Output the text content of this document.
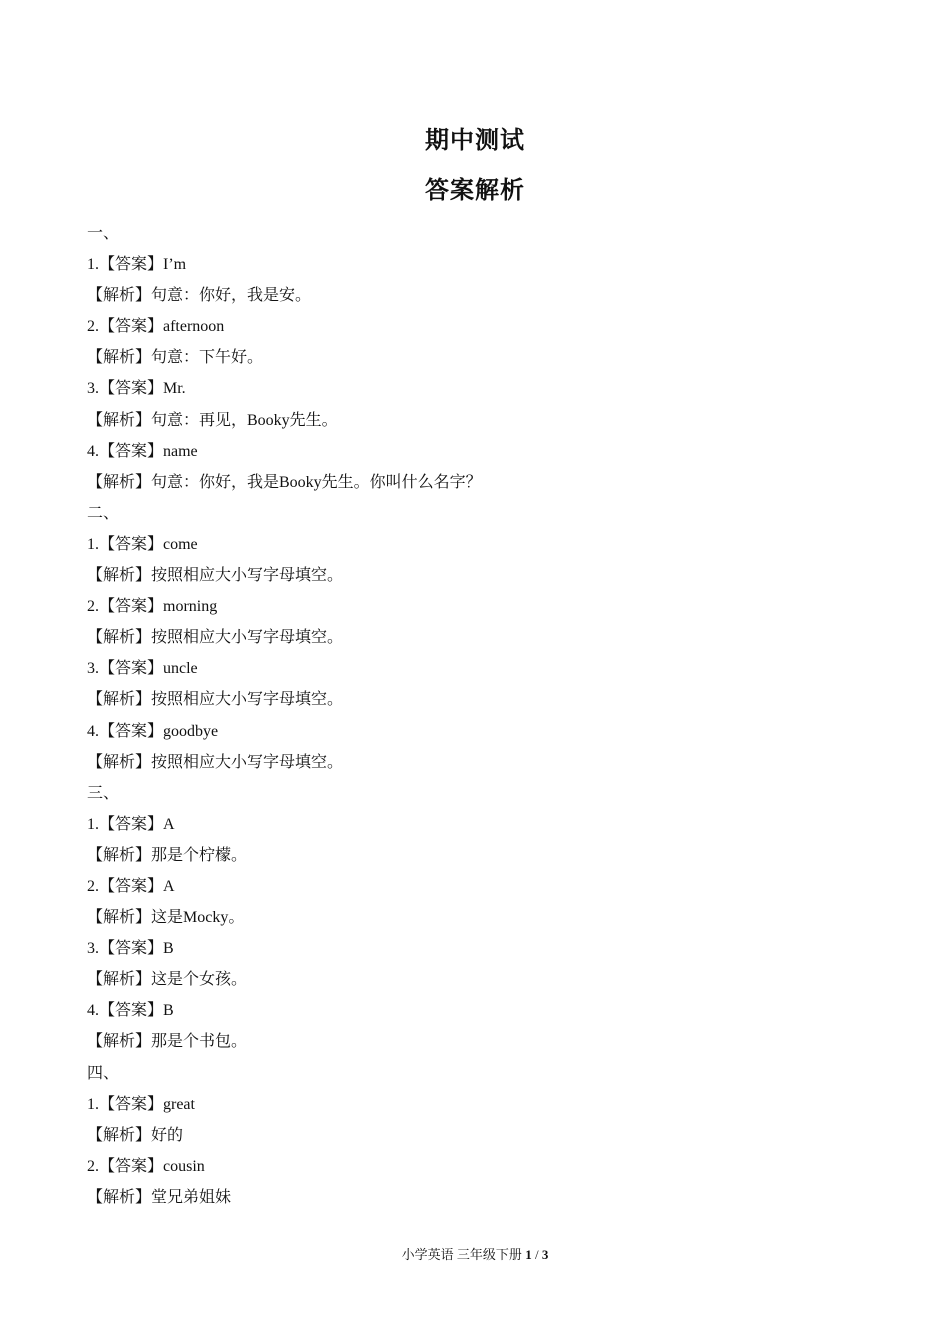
期中测试
答案解析
一、
1.【答案】I’m
【解析】句意：你好，我是安。
2.【答案】afternoon
【解析】句意：下午好。
3.【答案】Mr.
【解析】句意：再见，Booky先生。
4.【答案】name
【解析】句意：你好，我是Booky先生。你叫什么名字？
二、
1.【答案】come
【解析】按照相应大小写字母填空。
2.【答案】morning
【解析】按照相应大小写字母填空。
3.【答案】uncle
【解析】按照相应大小写字母填空。
4.【答案】goodbye
【解析】按照相应大小写字母填空。
三、
1.【答案】A
【解析】那是个柠檬。
2.【答案】A
【解析】这是Mocky。
3.【答案】B
【解析】这是个女孩。
4.【答案】B
【解析】那是个书包。
四、
1.【答案】great
【解析】好的
2.【答案】cousin
【解析】堂兄弟姐妹
小学英语 三年级下册 1 / 3
